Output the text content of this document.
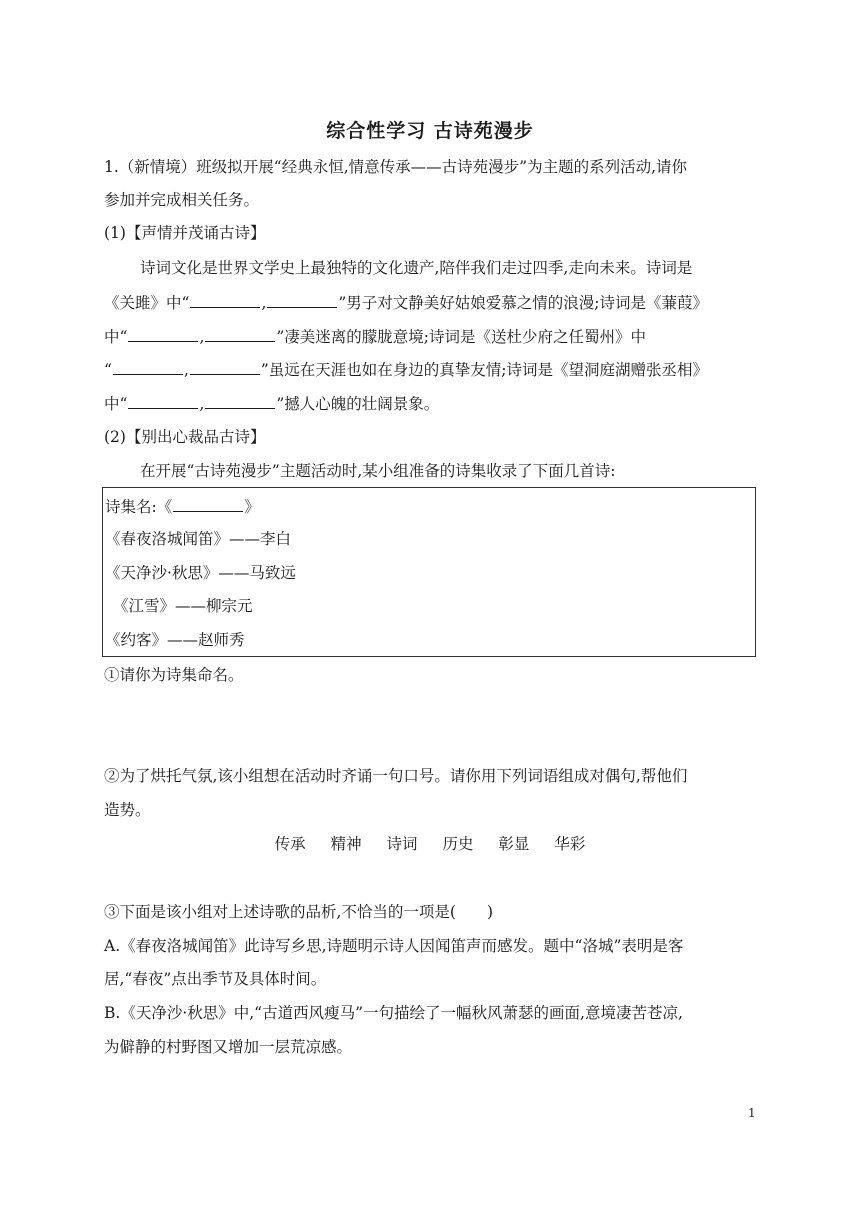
综合性学习 古诗苑漫步
1.（新情境）班级拟开展“经典永恒,情意传承——古诗苑漫步”为主题的系列活动,请你
参加并完成相关任务。
(1)【声情并茂诵古诗】
诗词文化是世界文学史上最独特的文化遗产,陪伴我们走过四季,走向未来。诗词是
《关雎》中“	,	”男子对文静美好姑娘爱慕之情的浪漫;诗词是《蒹葭》
中“	,	”凄美迷离的朦胧意境;诗词是《送杜少府之任蜀州》中
“	,	”虽远在天涯也如在身边的真挚友情;诗词是《望洞庭湖赠张丞相》
中“	,	”撼人心魄的壮阔景象。
(2)【别出心裁品古诗】
在开展“古诗苑漫步”主题活动时,某小组准备的诗集收录了下面几首诗:
诗集名:《	》
《春夜洛城闻笛》——李白
《天净沙·秋思》——马致远
《江雪》——柳宗元
《约客》——赵师秀
①请你为诗集命名。
②为了烘托气氛,该小组想在活动时齐诵一句口号。请你用下列词语组成对偶句,帮他们
造势。
传承 精神 诗词 历史 彰显 华彩
③下面是该小组对上述诗歌的品析,不恰当的一项是(　　)
A.《春夜洛城闻笛》此诗写乡思,诗题明示诗人因闻笛声而感发。题中“洛城”表明是客
居,“春夜”点出季节及具体时间。
B.《天净沙·秋思》中,“古道西风瘦马”一句描绘了一幅秋风萧瑟的画面,意境凄苦苍凉,
为僻静的村野图又增加一层荒凉感。
1
